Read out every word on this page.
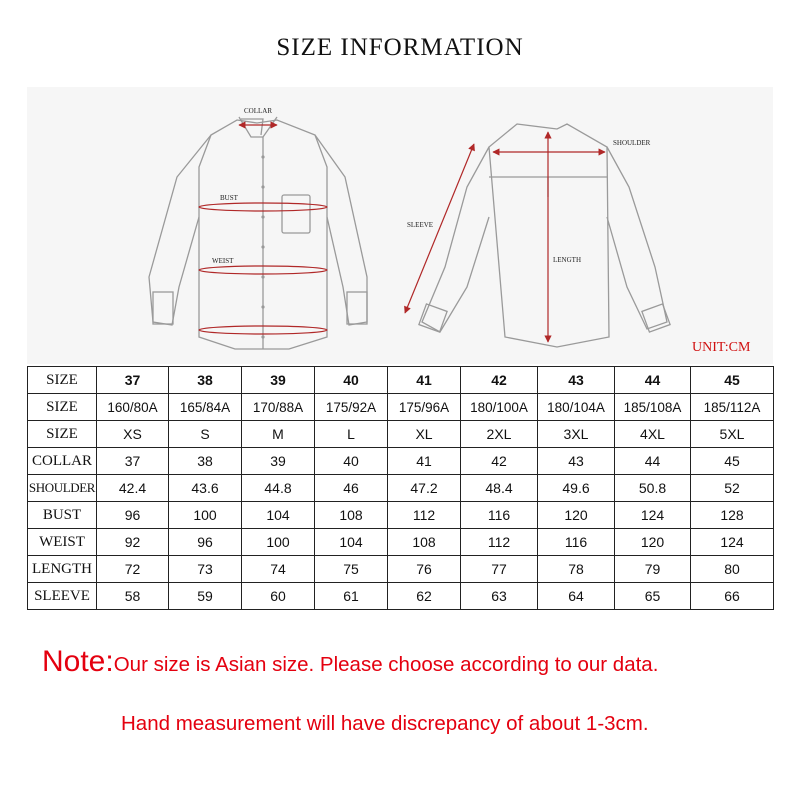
SIZE INFORMATION
COLLAR
BUST
WEIST
SHOULDER
SLEEVE
LENGTH
UNIT:CM
SIZE	37	38	39	40	41	42	43	44	45
SIZE	160/80A	165/84A	170/88A	175/92A	175/96A	180/100A	180/104A	185/108A	185/112A
SIZE	XS	S	M	L	XL	2XL	3XL	4XL	5XL
COLLAR	37	38	39	40	41	42	43	44	45
SHOULDER	42.4	43.6	44.8	46	47.2	48.4	49.6	50.8	52
BUST	96	100	104	108	112	116	120	124	128
WEIST	92	96	100	104	108	112	116	120	124
LENGTH	72	73	74	75	76	77	78	79	80
SLEEVE	58	59	60	61	62	63	64	65	66
Note:Our size is Asian size. Please choose according to our data.
Hand measurement will have discrepancy of about 1-3cm.
